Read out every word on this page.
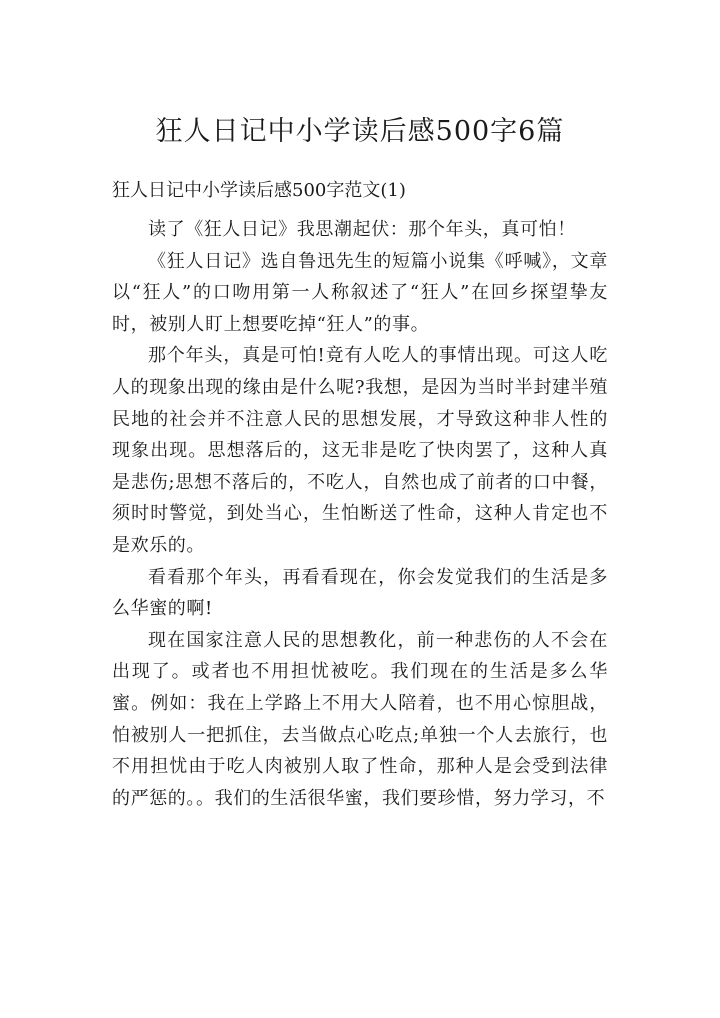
狂人日记中小学读后感500字6篇
狂人日记中小学读后感500字范文(1)

读了《狂人日记》我思潮起伏：那个年头，真可怕！

《狂人日记》选自鲁迅先生的短篇小说集《呼喊》，文章以“狂人”的口吻用第一人称叙述了“狂人”在回乡探望挚友时，被别人盯上想要吃掉“狂人”的事。

那个年头，真是可怕!竟有人吃人的事情出现。可这人吃人的现象出现的缘由是什么呢?我想，是因为当时半封建半殖民地的社会并不注意人民的思想发展，才导致这种非人性的现象出现。思想落后的，这无非是吃了快肉罢了，这种人真是悲伤;思想不落后的，不吃人，自然也成了前者的口中餐，须时时警觉，到处当心，生怕断送了性命，这种人肯定也不是欢乐的。

看看那个年头，再看看现在，你会发觉我们的生活是多么华蜜的啊!

现在国家注意人民的思想教化，前一种悲伤的人不会在出现了。或者也不用担忧被吃。我们现在的生活是多么华蜜。例如：我在上学路上不用大人陪着，也不用心惊胆战，怕被别人一把抓住，去当做点心吃点;单独一个人去旅行，也不用担忧由于吃人肉被别人取了性命，那种人是会受到法律的严惩的。。我们的生活很华蜜，我们要珍惜，努力学习，不
